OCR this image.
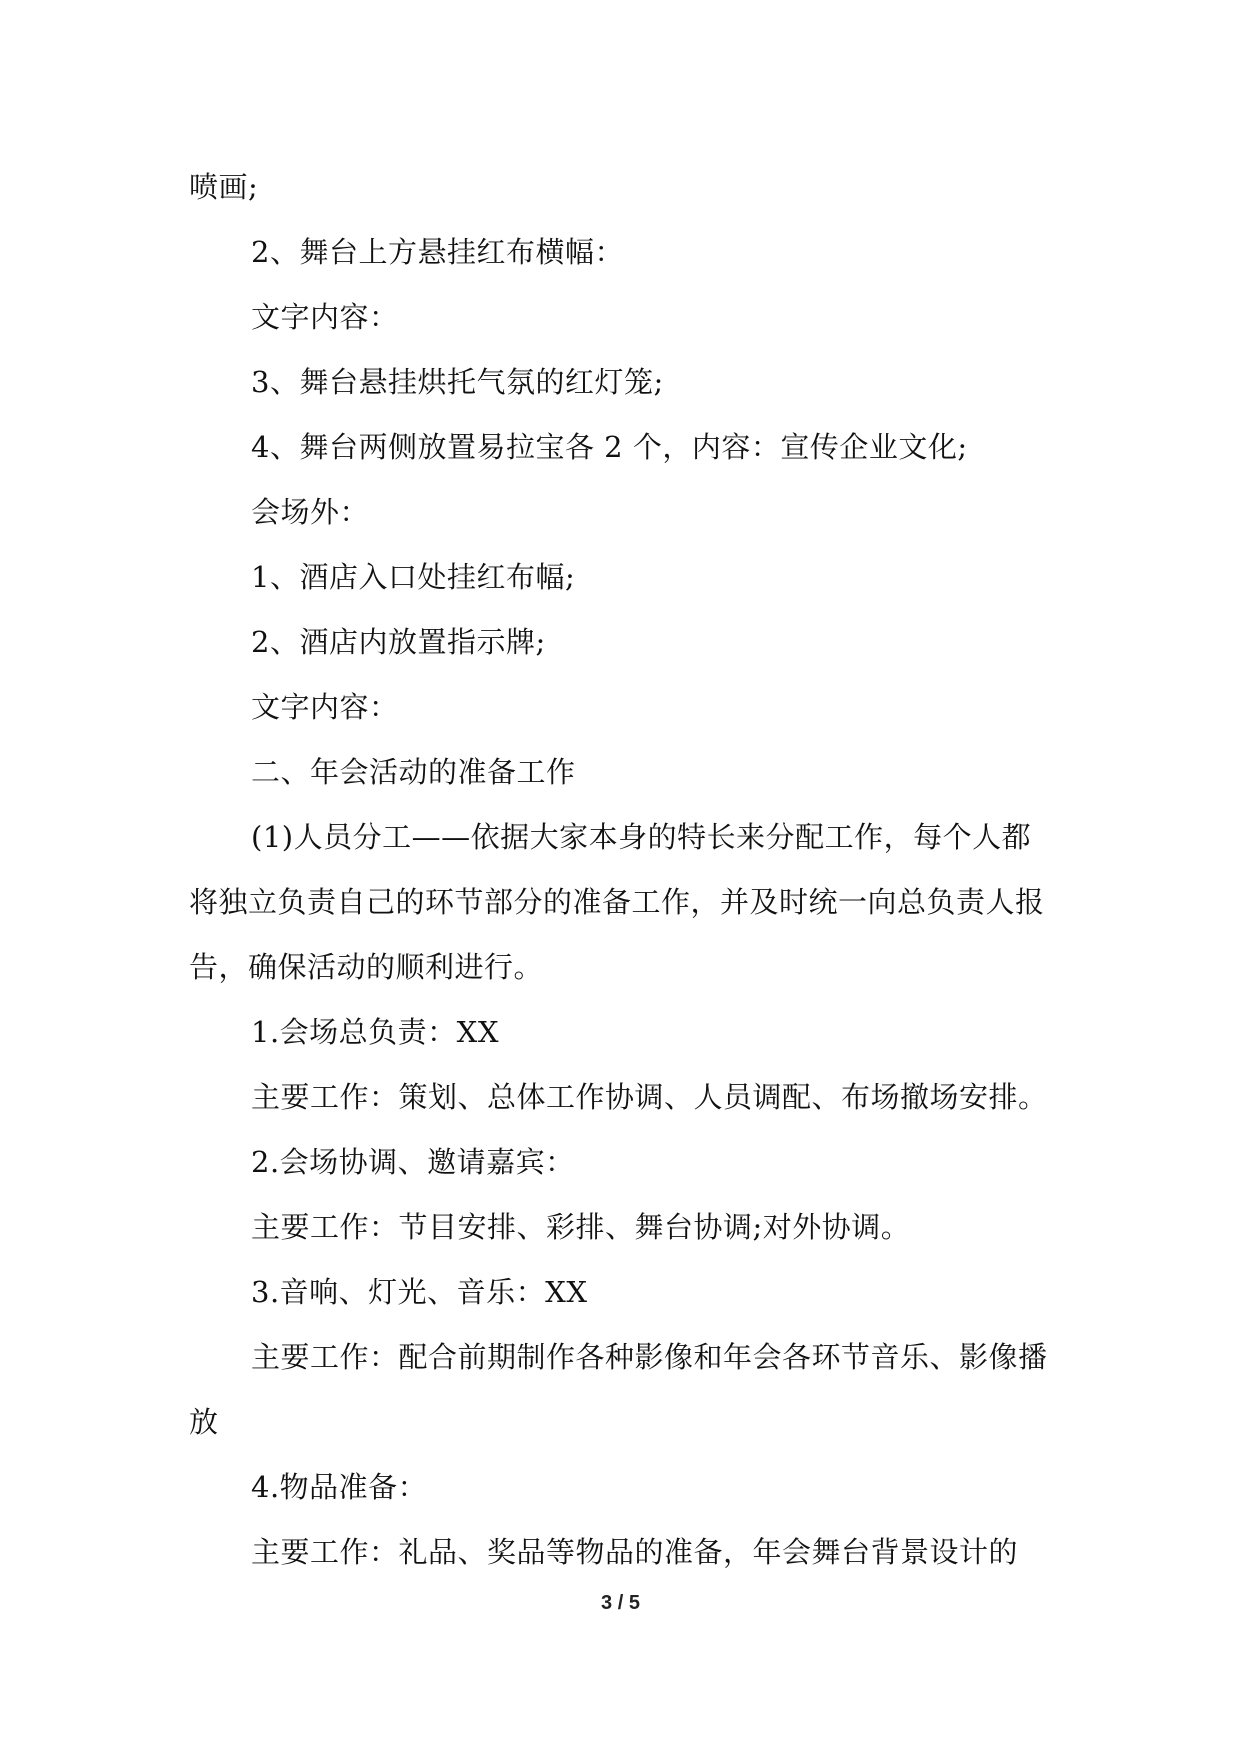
喷画;

2、舞台上方悬挂红布横幅：

文字内容：

3、舞台悬挂烘托气氛的红灯笼;

4、舞台两侧放置易拉宝各 2 个，内容：宣传企业文化;

会场外：

1、酒店入口处挂红布幅;

2、酒店内放置指示牌;

文字内容：

二、年会活动的准备工作

(1)人员分工——依据大家本身的特长来分配工作，每个人都将独立负责自己的环节部分的准备工作，并及时统一向总负责人报告，确保活动的顺利进行。

1.会场总负责：XX

主要工作：策划、总体工作协调、人员调配、布场撤场安排。

2.会场协调、邀请嘉宾：

主要工作：节目安排、彩排、舞台协调;对外协调。

3.音响、灯光、音乐：XX

主要工作：配合前期制作各种影像和年会各环节音乐、影像播放

4.物品准备：

主要工作：礼品、奖品等物品的准备，年会舞台背景设计的

3 / 5
